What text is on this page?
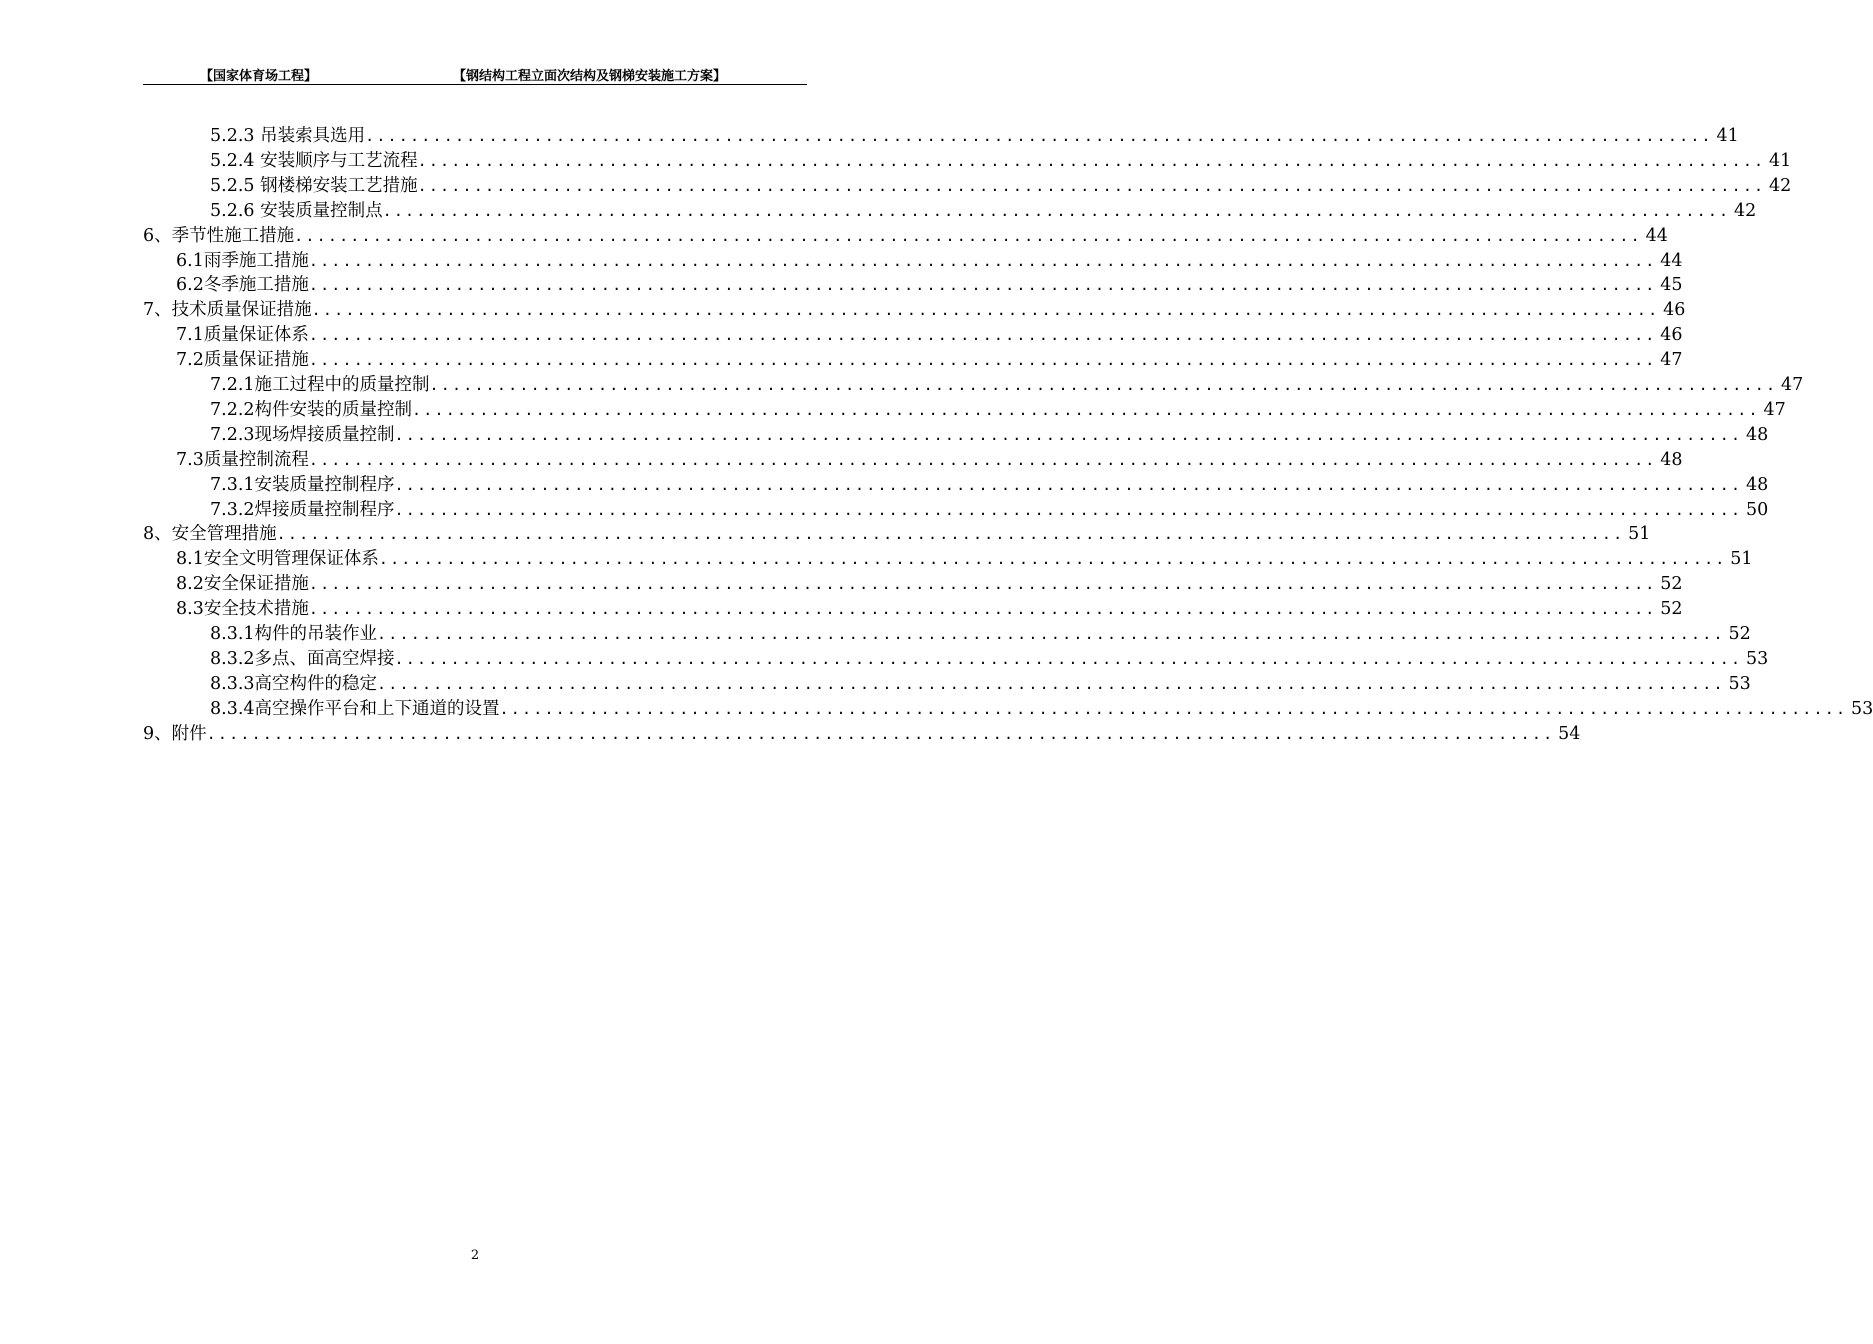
【国家体育场工程】	【钢结构工程立面次结构及钢梯安装施工方案】
5.2.3 吊装索具选用 ........................................................................................................................ 41
5.2.4 安装顺序与工艺流程 ........................................................................................................................ 41
5.2.5 钢楼梯安装工艺措施 ........................................................................................................................ 42
5.2.6 安装质量控制点 ........................................................................................................................ 42
6、季节性施工措施 ........................................................................................................................ 44
6.1雨季施工措施 ........................................................................................................................ 44
6.2冬季施工措施 ........................................................................................................................ 45
7、技术质量保证措施 ........................................................................................................................ 46
7.1质量保证体系 ........................................................................................................................ 46
7.2质量保证措施 ........................................................................................................................ 47
7.2.1施工过程中的质量控制 ........................................................................................................................ 47
7.2.2构件安装的质量控制 ........................................................................................................................ 47
7.2.3现场焊接质量控制 ........................................................................................................................ 48
7.3质量控制流程 ........................................................................................................................ 48
7.3.1安装质量控制程序 ........................................................................................................................ 48
7.3.2焊接质量控制程序 ........................................................................................................................ 50
8、安全管理措施 ........................................................................................................................ 51
8.1安全文明管理保证体系 ........................................................................................................................ 51
8.2安全保证措施 ........................................................................................................................ 52
8.3安全技术措施 ........................................................................................................................ 52
8.3.1构件的吊装作业 ........................................................................................................................ 52
8.3.2多点、面高空焊接 ........................................................................................................................ 53
8.3.3高空构件的稳定 ........................................................................................................................ 53
8.3.4高空操作平台和上下通道的设置 ........................................................................................................................ 53
9、附件 ........................................................................................................................ 54
2
